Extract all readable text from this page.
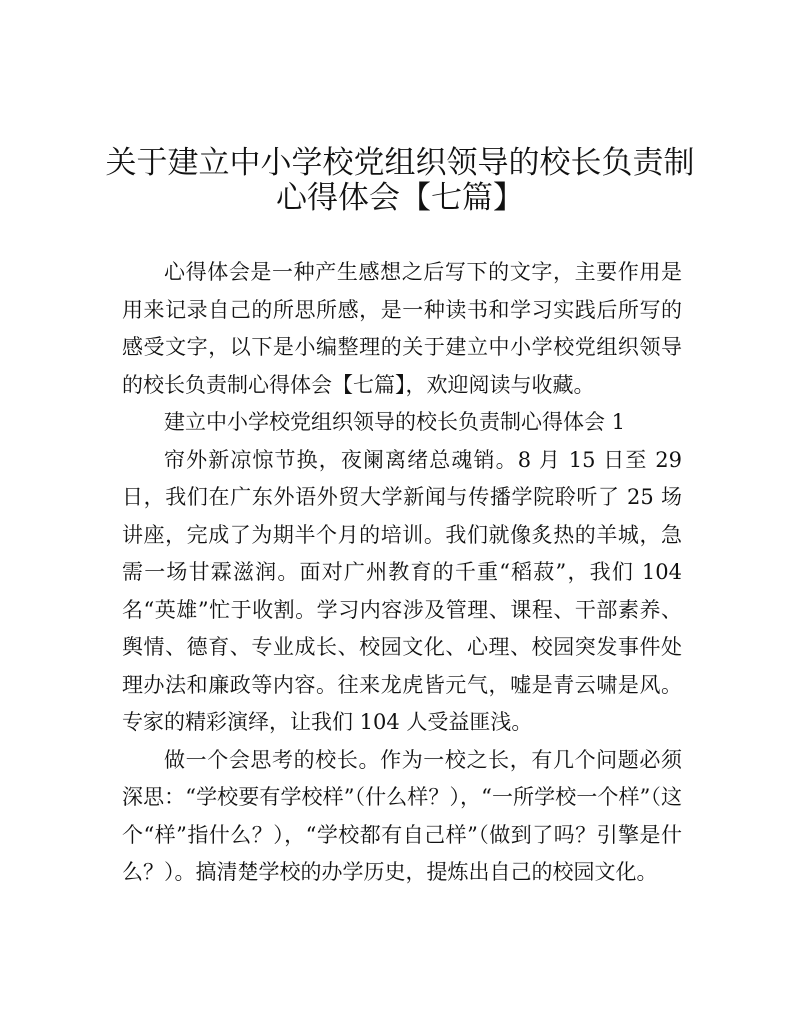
关于建立中小学校党组织领导的校长负责制
心得体会【七篇】

心得体会是一种产生感想之后写下的文字，主要作用是用来记录自己的所思所感，是一种读书和学习实践后所写的感受文字，以下是小编整理的关于建立中小学校党组织领导的校长负责制心得体会【七篇】，欢迎阅读与收藏。

建立中小学校党组织领导的校长负责制心得体会 1

帘外新凉惊节换，夜阑离绪总魂销。8 月 15 日至 29 日，我们在广东外语外贸大学新闻与传播学院聆听了 25 场讲座，完成了为期半个月的培训。我们就像炙热的羊城，急需一场甘霖滋润。面对广州教育的千重“稻菽”，我们 104 名“英雄”忙于收割。学习内容涉及管理、课程、干部素养、舆情、德育、专业成长、校园文化、心理、校园突发事件处理办法和廉政等内容。往来龙虎皆元气，嘘是青云啸是风。专家的精彩演绎，让我们 104 人受益匪浅。

做一个会思考的校长。作为一校之长，有几个问题必须深思：“学校要有学校样”（什么样？），“一所学校一个样”（这个“样”指什么？），“学校都有自己样”（做到了吗？引擎是什么？）。搞清楚学校的办学历史，提炼出自己的校园文化。
